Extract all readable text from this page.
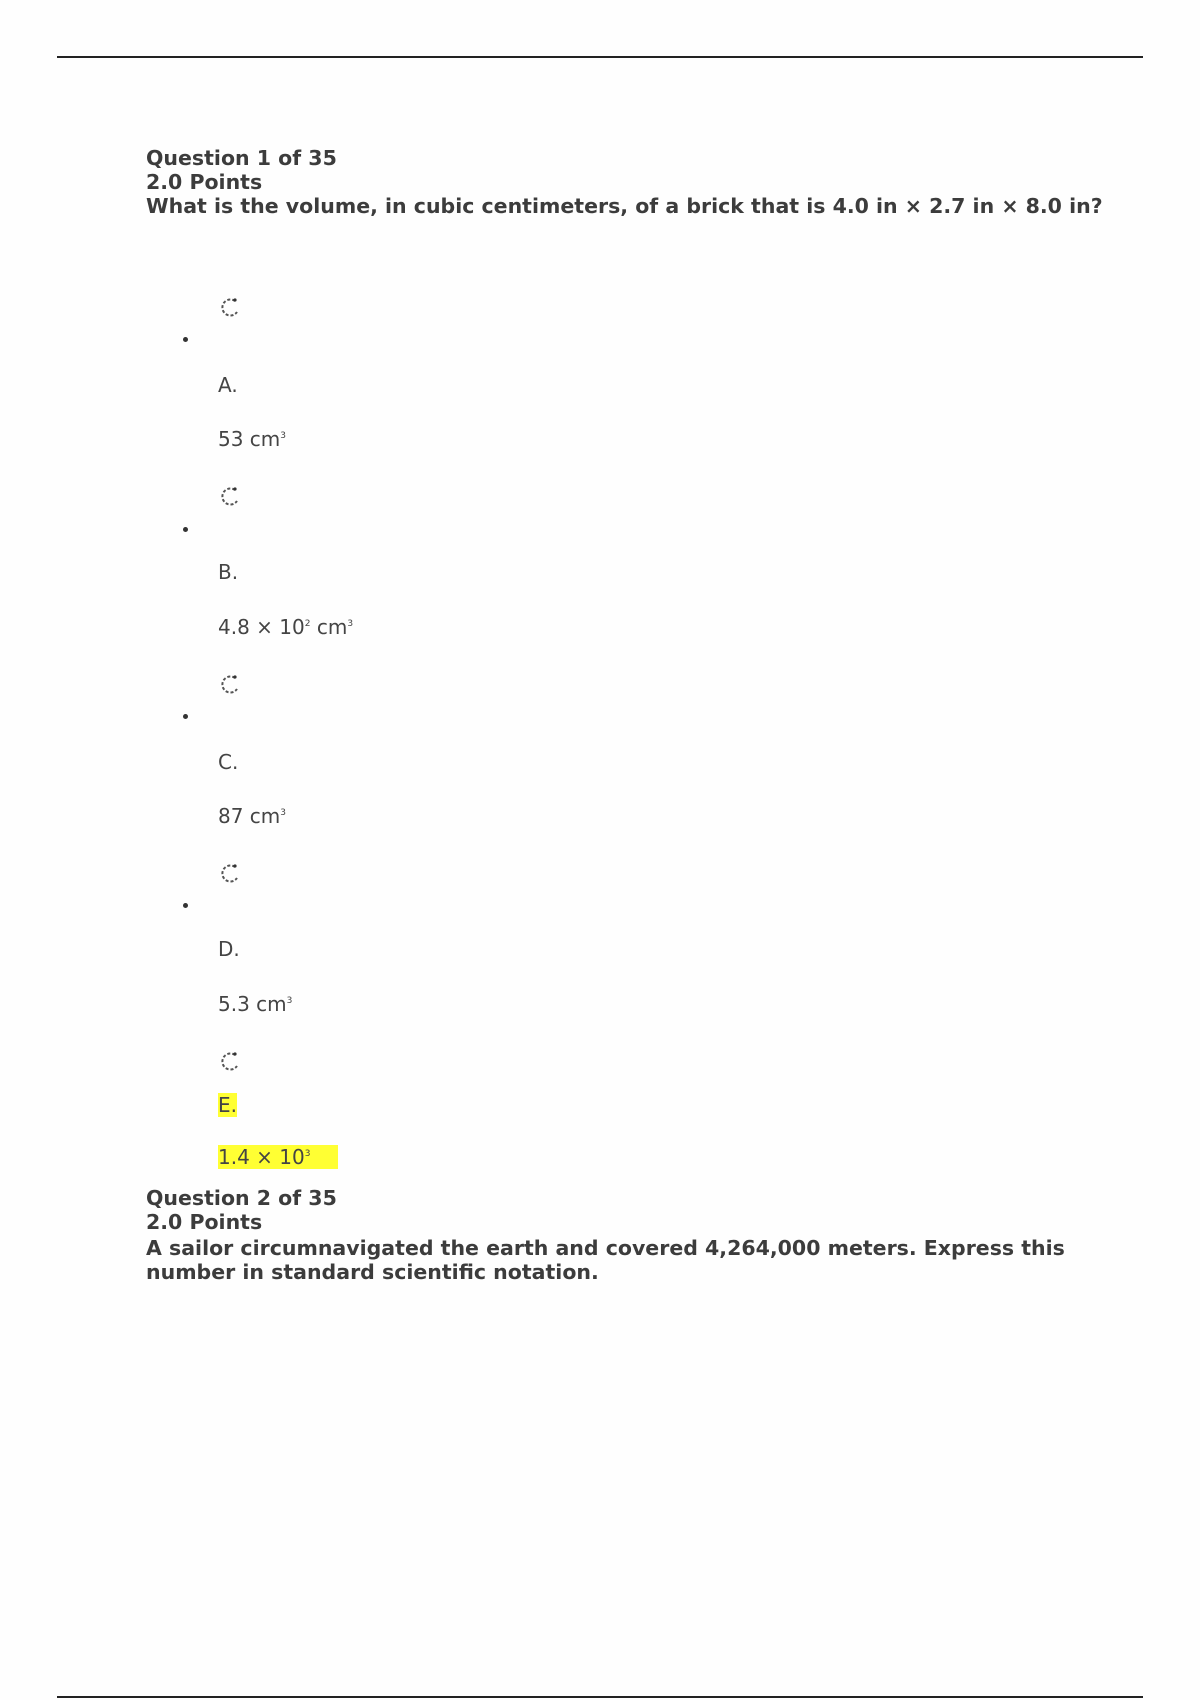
Question 1 of 35
2.0 Points
What is the volume, in cubic centimeters, of a brick that is 4.0 in × 2.7 in × 8.0 in?
A.
53 $cm^3$
B.
$4.8 \times 10^2$ $cm^3$
C.
87 $cm^3$
D.
5.3 $cm^3$
E.
$1.4 \times 10^3$
Question 2 of 35
2.0 Points
A sailor circumnavigated the earth and covered 4,264,000 meters. Express this number in standard scientific notation.
